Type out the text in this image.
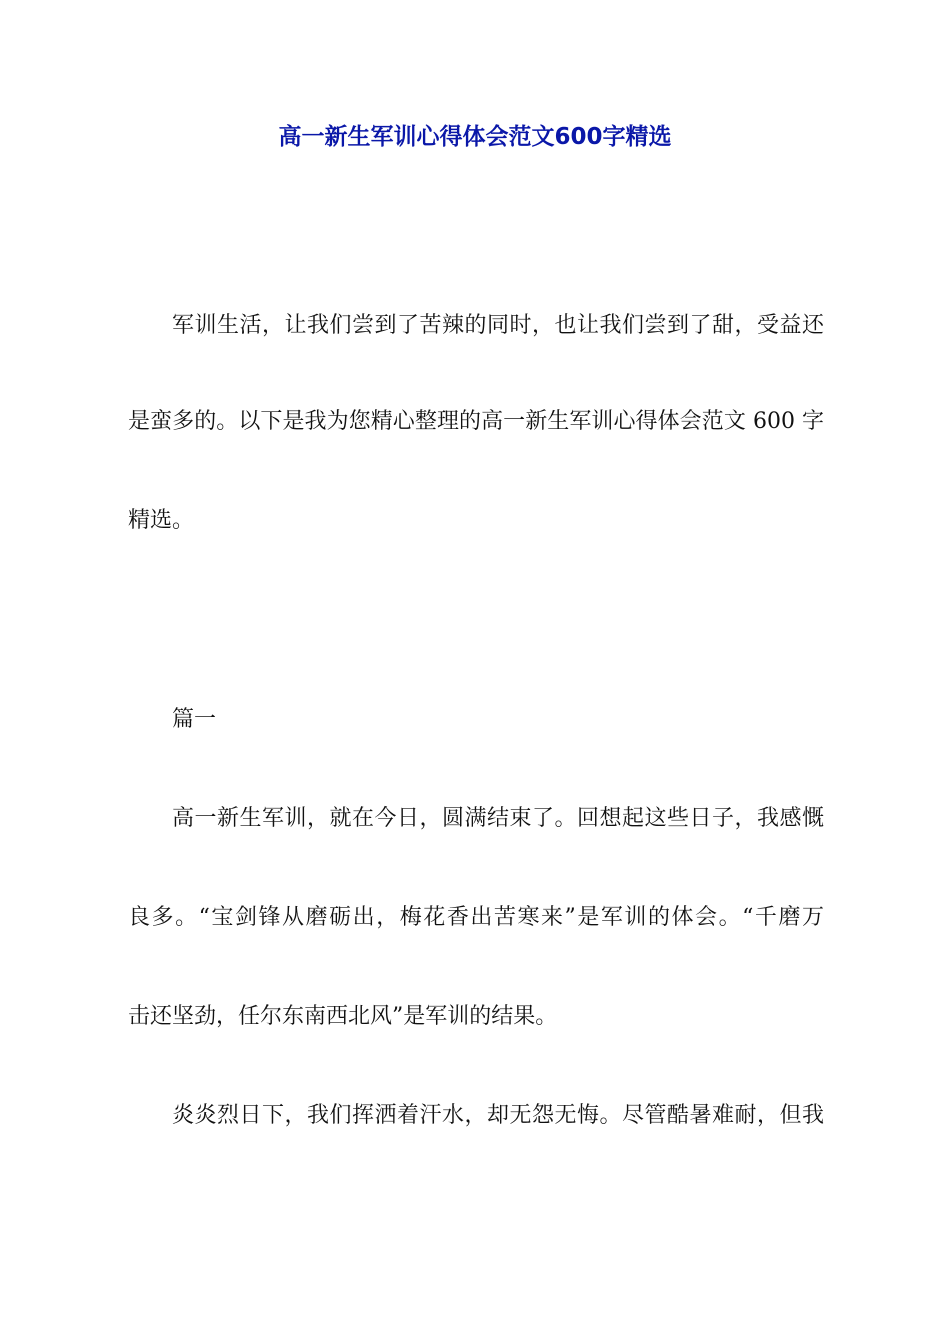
高一新生军训心得体会范文600字精选

军训生活，让我们尝到了苦辣的同时，也让我们尝到了甜，受益还

是蛮多的。以下是我为您精心整理的高一新生军训心得体会范文 600 字

精选。

篇一

高一新生军训，就在今日，圆满结束了。回想起这些日子，我感慨

良多。“宝剑锋从磨砺出，梅花香出苦寒来”是军训的体会。“千磨万

击还坚劲，任尔东南西北风”是军训的结果。

炎炎烈日下，我们挥洒着汗水，却无怨无悔。尽管酷暑难耐，但我
